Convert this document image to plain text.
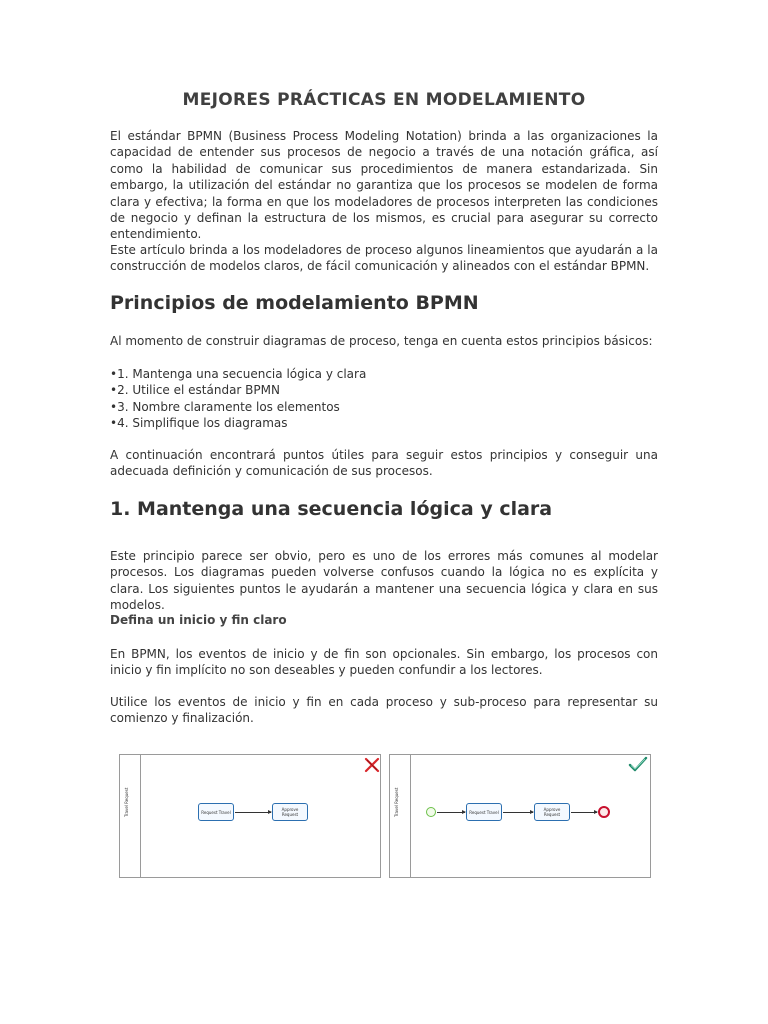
MEJORES PRÁCTICAS EN MODELAMIENTO

El estándar BPMN (Business Process Modeling Notation) brinda a las organizaciones la capacidad de entender sus procesos de negocio a través de una notación gráfica, así como la habilidad de comunicar sus procedimientos de manera estandarizada. Sin embargo, la utilización del estándar no garantiza que los procesos se modelen de forma clara y efectiva; la forma en que los modeladores de procesos interpreten las condiciones de negocio y definan la estructura de los mismos, es crucial para asegurar su correcto entendimiento.

Este artículo brinda a los modeladores de proceso algunos lineamientos que ayudarán a la construcción de modelos claros, de fácil comunicación y alineados con el estándar BPMN.

Principios de modelamiento BPMN

Al momento de construir diagramas de proceso, tenga en cuenta estos principios básicos:

• 1. Mantenga una secuencia lógica y clara
• 2. Utilice el estándar BPMN
• 3. Nombre claramente los elementos
• 4. Simplifique los diagramas

A continuación encontrará puntos útiles para seguir estos principios y conseguir una adecuada definición y comunicación de sus procesos.

1. Mantenga una secuencia lógica y clara

Este principio parece ser obvio, pero es uno de los errores más comunes al modelar procesos. Los diagramas pueden volverse confusos cuando la lógica no es explícita y clara. Los siguientes puntos le ayudarán a mantener una secuencia lógica y clara en sus modelos.

Defina un inicio y fin claro

En BPMN, los eventos de inicio y de fin son opcionales. Sin embargo, los procesos con inicio y fin implícito no son deseables y pueden confundir a los lectores.

Utilice los eventos de inicio y fin en cada proceso y sub-proceso para representar su comienzo y finalización.

Travel Request	Request Travel	Approve Request	Travel Request	Request Travel	Approve Request
